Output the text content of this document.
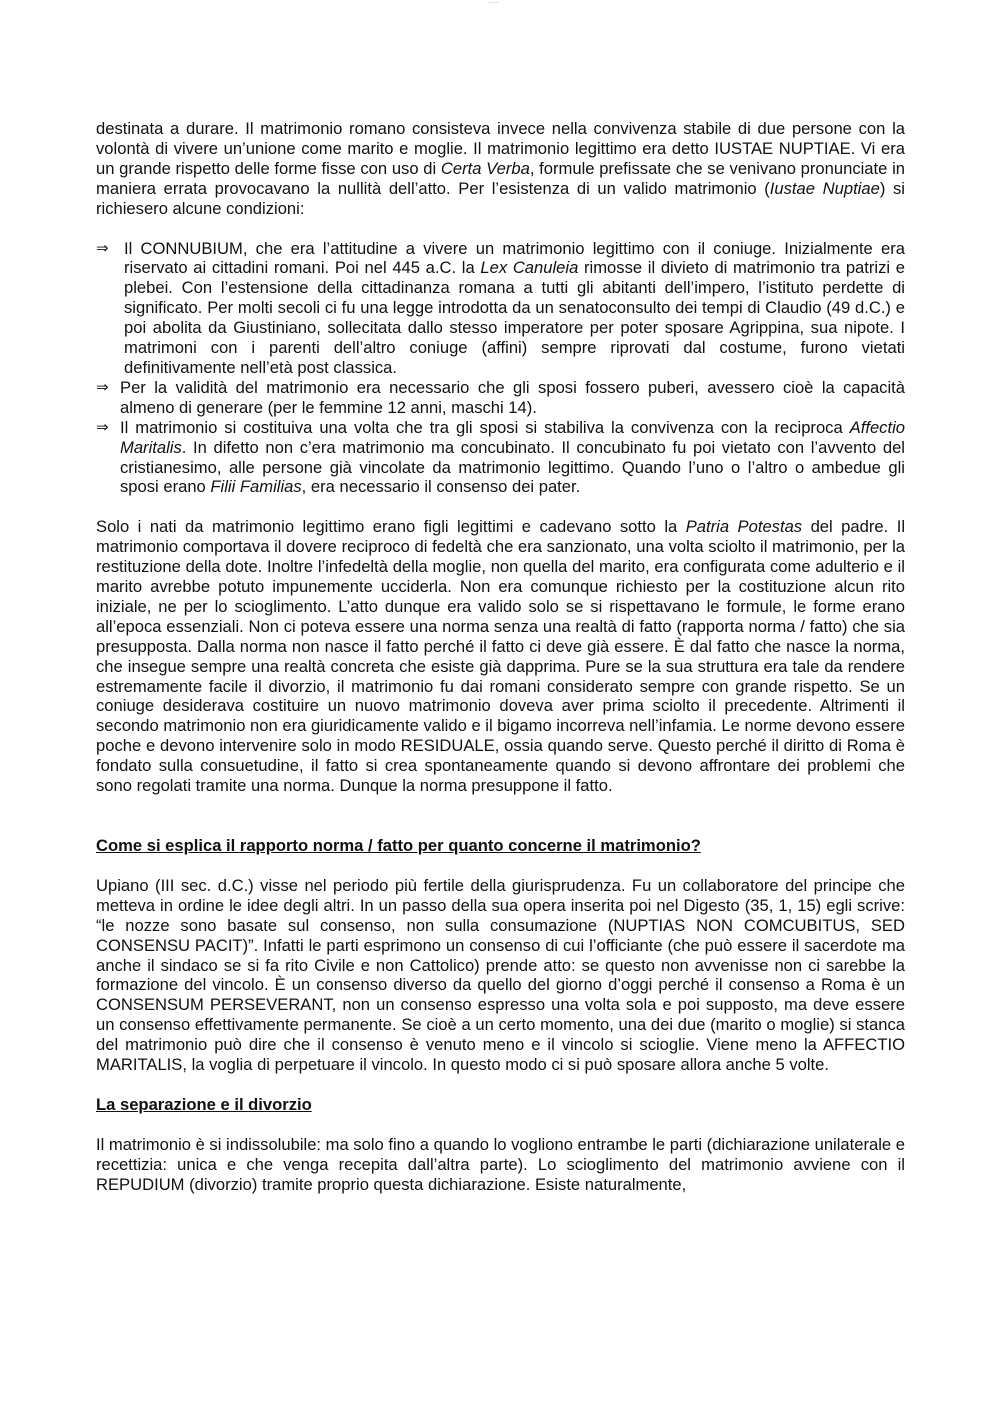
page header

destinata a durare. Il matrimonio romano consisteva invece nella convivenza stabile di due persone con la volontà di vivere un’unione come marito e moglie. Il matrimonio legittimo era detto IUSTAE NUPTIAE. Vi era un grande rispetto delle forme fisse con uso di Certa Verba, formule prefissate che se venivano pronunciate in maniera errata provocavano la nullità dell’atto. Per l’esistenza di un valido matrimonio (Iustae Nuptiae) si richiesero alcune condizioni:

⇒ Il CONNUBIUM, che era l’attitudine a vivere un matrimonio legittimo con il coniuge. Inizialmente era riservato ai cittadini romani. Poi nel 445 a.C. la Lex Canuleia rimosse il divieto di matrimonio tra patrizi e plebei. Con l’estensione della cittadinanza romana a tutti gli abitanti dell’impero, l’istituto perdette di significato. Per molti secoli ci fu una legge introdotta da un senatoconsulto dei tempi di Claudio (49 d.C.) e poi abolita da Giustiniano, sollecitata dallo stesso imperatore per poter sposare Agrippina, sua nipote. I matrimoni con i parenti dell’altro coniuge (affini) sempre riprovati dal costume, furono vietati definitivamente nell’età post classica.
⇒ Per la validità del matrimonio era necessario che gli sposi fossero puberi, avessero cioè la capacità almeno di generare (per le femmine 12 anni, maschi 14).
⇒ Il matrimonio si costituiva una volta che tra gli sposi si stabiliva la convivenza con la reciproca Affectio Maritalis. In difetto non c’era matrimonio ma concubinato. Il concubinato fu poi vietato con l’avvento del cristianesimo, alle persone già vincolate da matrimonio legittimo. Quando l’uno o l’altro o ambedue gli sposi erano Filii Familias, era necessario il consenso dei pater.

Solo i nati da matrimonio legittimo erano figli legittimi e cadevano sotto la Patria Potestas del padre. Il matrimonio comportava il dovere reciproco di fedeltà che era sanzionato, una volta sciolto il matrimonio, per la restituzione della dote. Inoltre l’infedeltà della moglie, non quella del marito, era configurata come adulterio e il marito avrebbe potuto impunemente ucciderla. Non era comunque richiesto per la costituzione alcun rito iniziale, ne per lo scioglimento. L’atto dunque era valido solo se si rispettavano le formule, le forme erano all’epoca essenziali. Non ci poteva essere una norma senza una realtà di fatto (rapporta norma / fatto) che sia presupposta. Dalla norma non nasce il fatto perché il fatto ci deve già essere. È dal fatto che nasce la norma, che insegue sempre una realtà concreta che esiste già dapprima. Pure se la sua struttura era tale da rendere estremamente facile il divorzio, il matrimonio fu dai romani considerato sempre con grande rispetto. Se un coniuge desiderava costituire un nuovo matrimonio doveva aver prima sciolto il precedente. Altrimenti il secondo matrimonio non era giuridicamente valido e il bigamo incorreva nell’infamia. Le norme devono essere poche e devono intervenire solo in modo RESIDUALE, ossia quando serve. Questo perché il diritto di Roma è fondato sulla consuetudine, il fatto si crea spontaneamente quando si devono affrontare dei problemi che sono regolati tramite una norma. Dunque la norma presuppone il fatto.

Come si esplica il rapporto norma / fatto per quanto concerne il matrimonio?

Upiano (III sec. d.C.) visse nel periodo più fertile della giurisprudenza. Fu un collaboratore del principe che metteva in ordine le idee degli altri. In un passo della sua opera inserita poi nel Digesto (35, 1, 15) egli scrive: “le nozze sono basate sul consenso, non sulla consumazione (NUPTIAS NON COMCUBITUS, SED CONSENSU PACIT)”. Infatti le parti esprimono un consenso di cui l’officiante (che può essere il sacerdote ma anche il sindaco se si fa rito Civile e non Cattolico) prende atto: se questo non avvenisse non ci sarebbe la formazione del vincolo. È un consenso diverso da quello del giorno d’oggi perché il consenso a Roma è un CONSENSUM PERSEVERANT, non un consenso espresso una volta sola e poi supposto, ma deve essere un consenso effettivamente permanente. Se cioè a un certo momento, una dei due (marito o moglie) si stanca del matrimonio può dire che il consenso è venuto meno e il vincolo si scioglie. Viene meno la AFFECTIO MARITALIS, la voglia di perpetuare il vincolo. In questo modo ci si può sposare allora anche 5 volte.

La separazione e il divorzio

Il matrimonio è si indissolubile: ma solo fino a quando lo vogliono entrambe le parti (dichiarazione unilaterale e recettizia: unica e che venga recepita dall’altra parte). Lo scioglimento del matrimonio avviene con il REPUDIUM (divorzio) tramite proprio questa dichiarazione. Esiste naturalmente,
